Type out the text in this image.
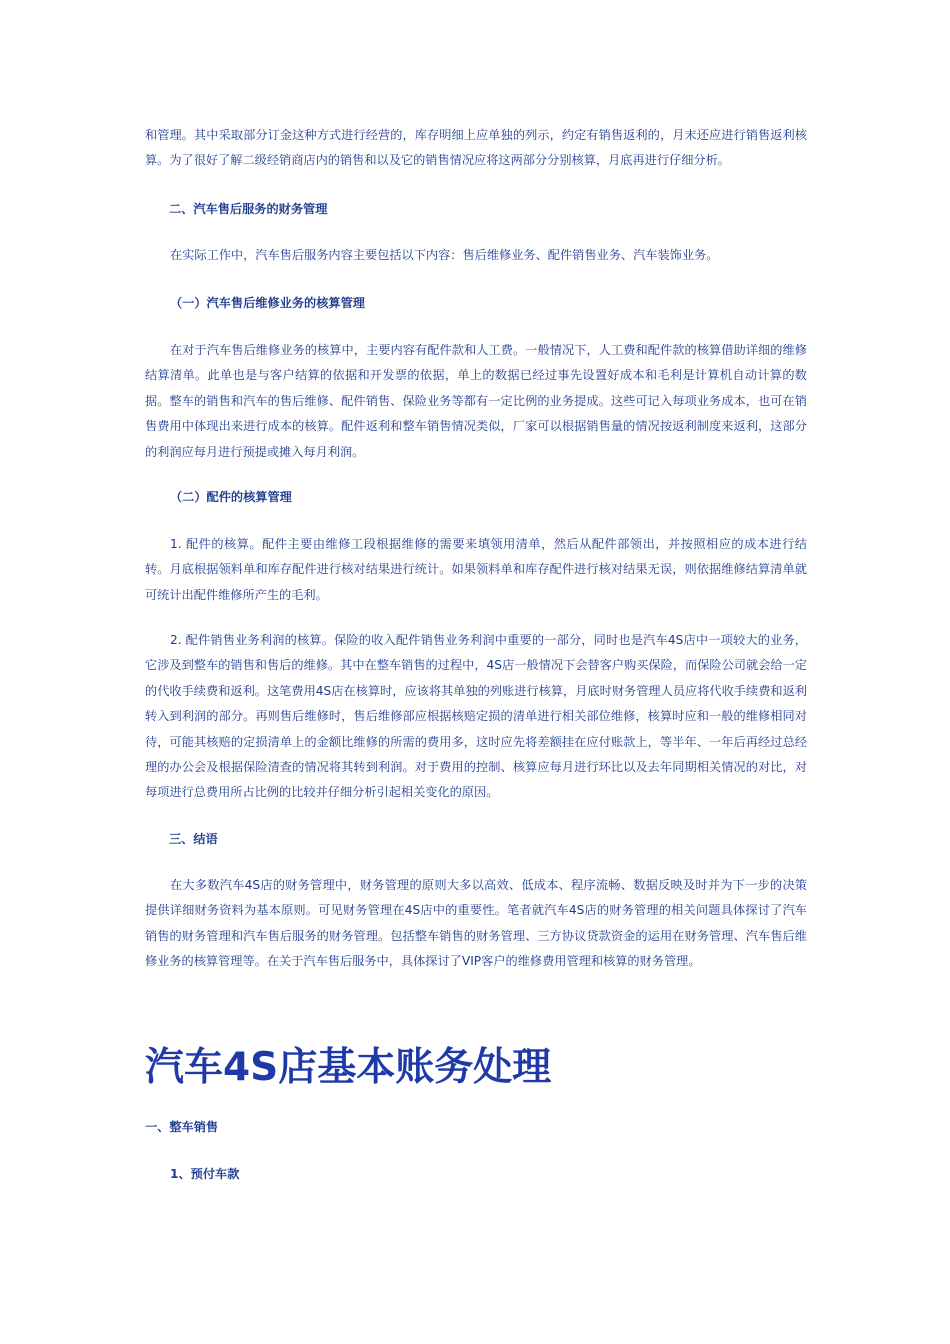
和管理。其中采取部分订金这种方式进行经营的，库存明细上应单独的列示，约定有销售返利的，月末还应进行销售返利核算。为了很好了解二级经销商店内的销售和以及它的销售情况应将这两部分分别核算，月底再进行仔细分析。

二、汽车售后服务的财务管理

在实际工作中，汽车售后服务内容主要包括以下内容：售后维修业务、配件销售业务、汽车装饰业务。

（一）汽车售后维修业务的核算管理

在对于汽车售后维修业务的核算中，主要内容有配件款和人工费。一般情况下，人工费和配件款的核算借助详细的维修结算清单。此单也是与客户结算的依据和开发票的依据，单上的数据已经过事先设置好成本和毛利是计算机自动计算的数据。整车的销售和汽车的售后维修、配件销售、保险业务等都有一定比例的业务提成。这些可记入每项业务成本，也可在销售费用中体现出来进行成本的核算。配件返利和整车销售情况类似，厂家可以根据销售量的情况按返利制度来返利，这部分的利润应每月进行预提或摊入每月利润。

（二）配件的核算管理

1. 配件的核算。配件主要由维修工段根据维修的需要来填领用清单，然后从配件部领出，并按照相应的成本进行结转。月底根据领料单和库存配件进行核对结果进行统计。如果领料单和库存配件进行核对结果无误，则依据维修结算清单就可统计出配件维修所产生的毛利。

2. 配件销售业务利润的核算。保险的收入配件销售业务利润中重要的一部分，同时也是汽车4S店中一项较大的业务，它涉及到整车的销售和售后的维修。其中在整车销售的过程中，4S店一般情况下会替客户购买保险，而保险公司就会给一定的代收手续费和返利。这笔费用4S店在核算时，应该将其单独的列账进行核算，月底时财务管理人员应将代收手续费和返利转入到利润的部分。再则售后维修时，售后维修部应根据核赔定损的清单进行相关部位维修，核算时应和一般的维修相同对待，可能其核赔的定损清单上的金额比维修的所需的费用多，这时应先将差额挂在应付账款上，等半年、一年后再经过总经理的办公会及根据保险清查的情况将其转到利润。对于费用的控制、核算应每月进行环比以及去年同期相关情况的对比，对每项进行总费用所占比例的比较并仔细分析引起相关变化的原因。

三、结语

在大多数汽车4S店的财务管理中，财务管理的原则大多以高效、低成本、程序流畅、数据反映及时并为下一步的决策提供详细财务资料为基本原则。可见财务管理在4S店中的重要性。笔者就汽车4S店的财务管理的相关问题具体探讨了汽车销售的财务管理和汽车售后服务的财务管理。包括整车销售的财务管理、三方协议贷款资金的运用在财务管理、汽车售后维修业务的核算管理等。在关于汽车售后服务中，具体探讨了VIP客户的维修费用管理和核算的财务管理。

汽车4S店基本账务处理
一、整车销售
1、预付车款
